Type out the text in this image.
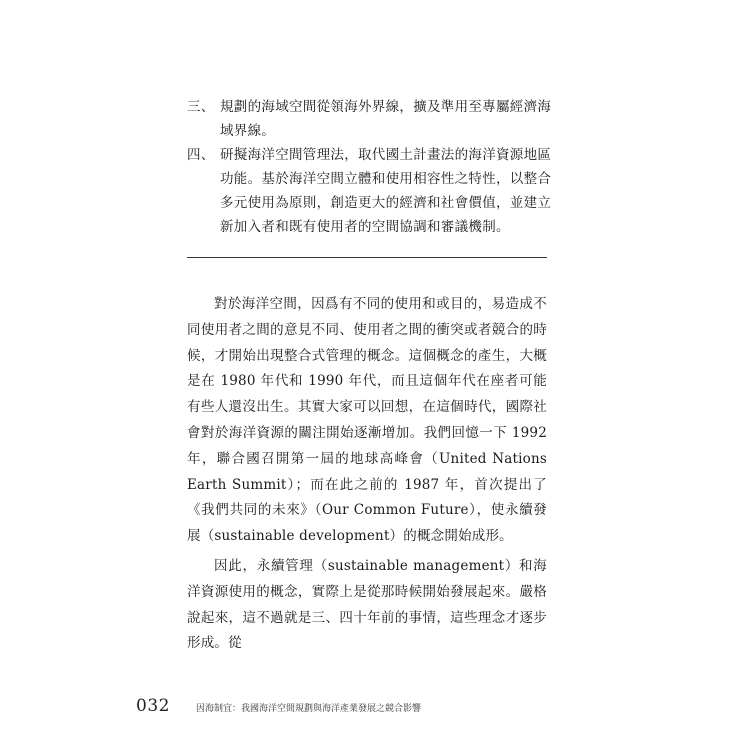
三、 規劃的海域空間從領海外界線，擴及準用至專屬經濟海域界線。
四、 研擬海洋空間管理法，取代國土計畫法的海洋資源地區功能。基於海洋空間立體和使用相容性之特性，以整合多元使用為原則，創造更大的經濟和社會價值，並建立新加入者和既有使用者的空間協調和審議機制。

對於海洋空間，因爲有不同的使用和或目的，易造成不同使用者之間的意見不同、使用者之間的衝突或者競合的時候，才開始出現整合式管理的概念。這個概念的產生，大概是在 1980 年代和 1990 年代，而且這個年代在座者可能有些人還沒出生。其實大家可以回想，在這個時代，國際社會對於海洋資源的關注開始逐漸增加。我們回憶一下 1992 年，聯合國召開第一屆的地球高峰會（United Nations Earth Summit）；而在此之前的 1987 年，首次提出了《我們共同的未來》（Our Common Future），使永續發展（sustainable development）的概念開始成形。

因此，永續管理（sustainable management）和海洋資源使用的概念，實際上是從那時候開始發展起來。嚴格說起來，這不過就是三、四十年前的事情，這些理念才逐步形成。從

032	因海制宜：我國海洋空間規劃與海洋產業發展之競合影響
